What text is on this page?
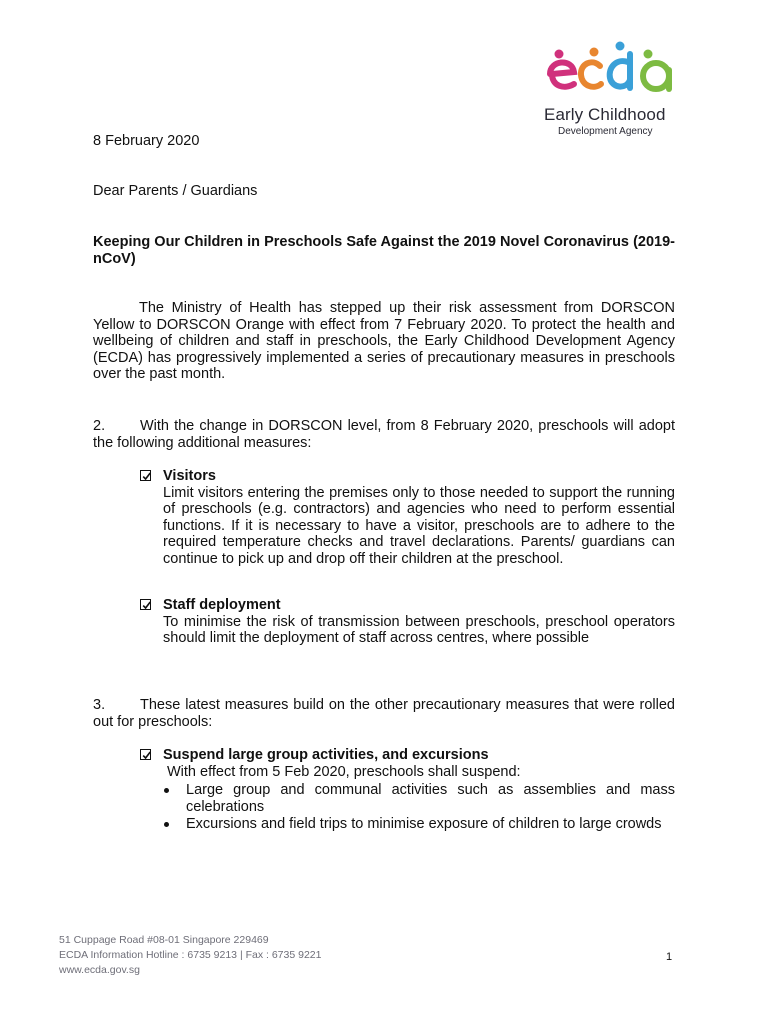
Early Childhood
Development Agency
8 February 2020
Dear Parents / Guardians
Keeping Our Children in Preschools Safe Against the 2019 Novel Coronavirus (2019-nCoV)
The Ministry of Health has stepped up their risk assessment from DORSCON Yellow to DORSCON Orange with effect from 7 February 2020. To protect the health and wellbeing of children and staff in preschools, the Early Childhood Development Agency (ECDA) has progressively implemented a series of precautionary measures in preschools over the past month.
2. With the change in DORSCON level, from 8 February 2020, preschools will adopt the following additional measures:
Visitors
Limit visitors entering the premises only to those needed to support the running of preschools (e.g. contractors) and agencies who need to perform essential functions. If it is necessary to have a visitor, preschools are to adhere to the required temperature checks and travel declarations. Parents/ guardians can continue to pick up and drop off their children at the preschool.
Staff deployment
To minimise the risk of transmission between preschools, preschool operators should limit the deployment of staff across centres, where possible
3. These latest measures build on the other precautionary measures that were rolled out for preschools:
Suspend large group activities, and excursions
With effect from 5 Feb 2020, preschools shall suspend:
Large group and communal activities such as assemblies and mass celebrations
Excursions and field trips to minimise exposure of children to large crowds
51 Cuppage Road #08-01 Singapore 229469
ECDA Information Hotline : 6735 9213 | Fax : 6735 9221
www.ecda.gov.sg
1
